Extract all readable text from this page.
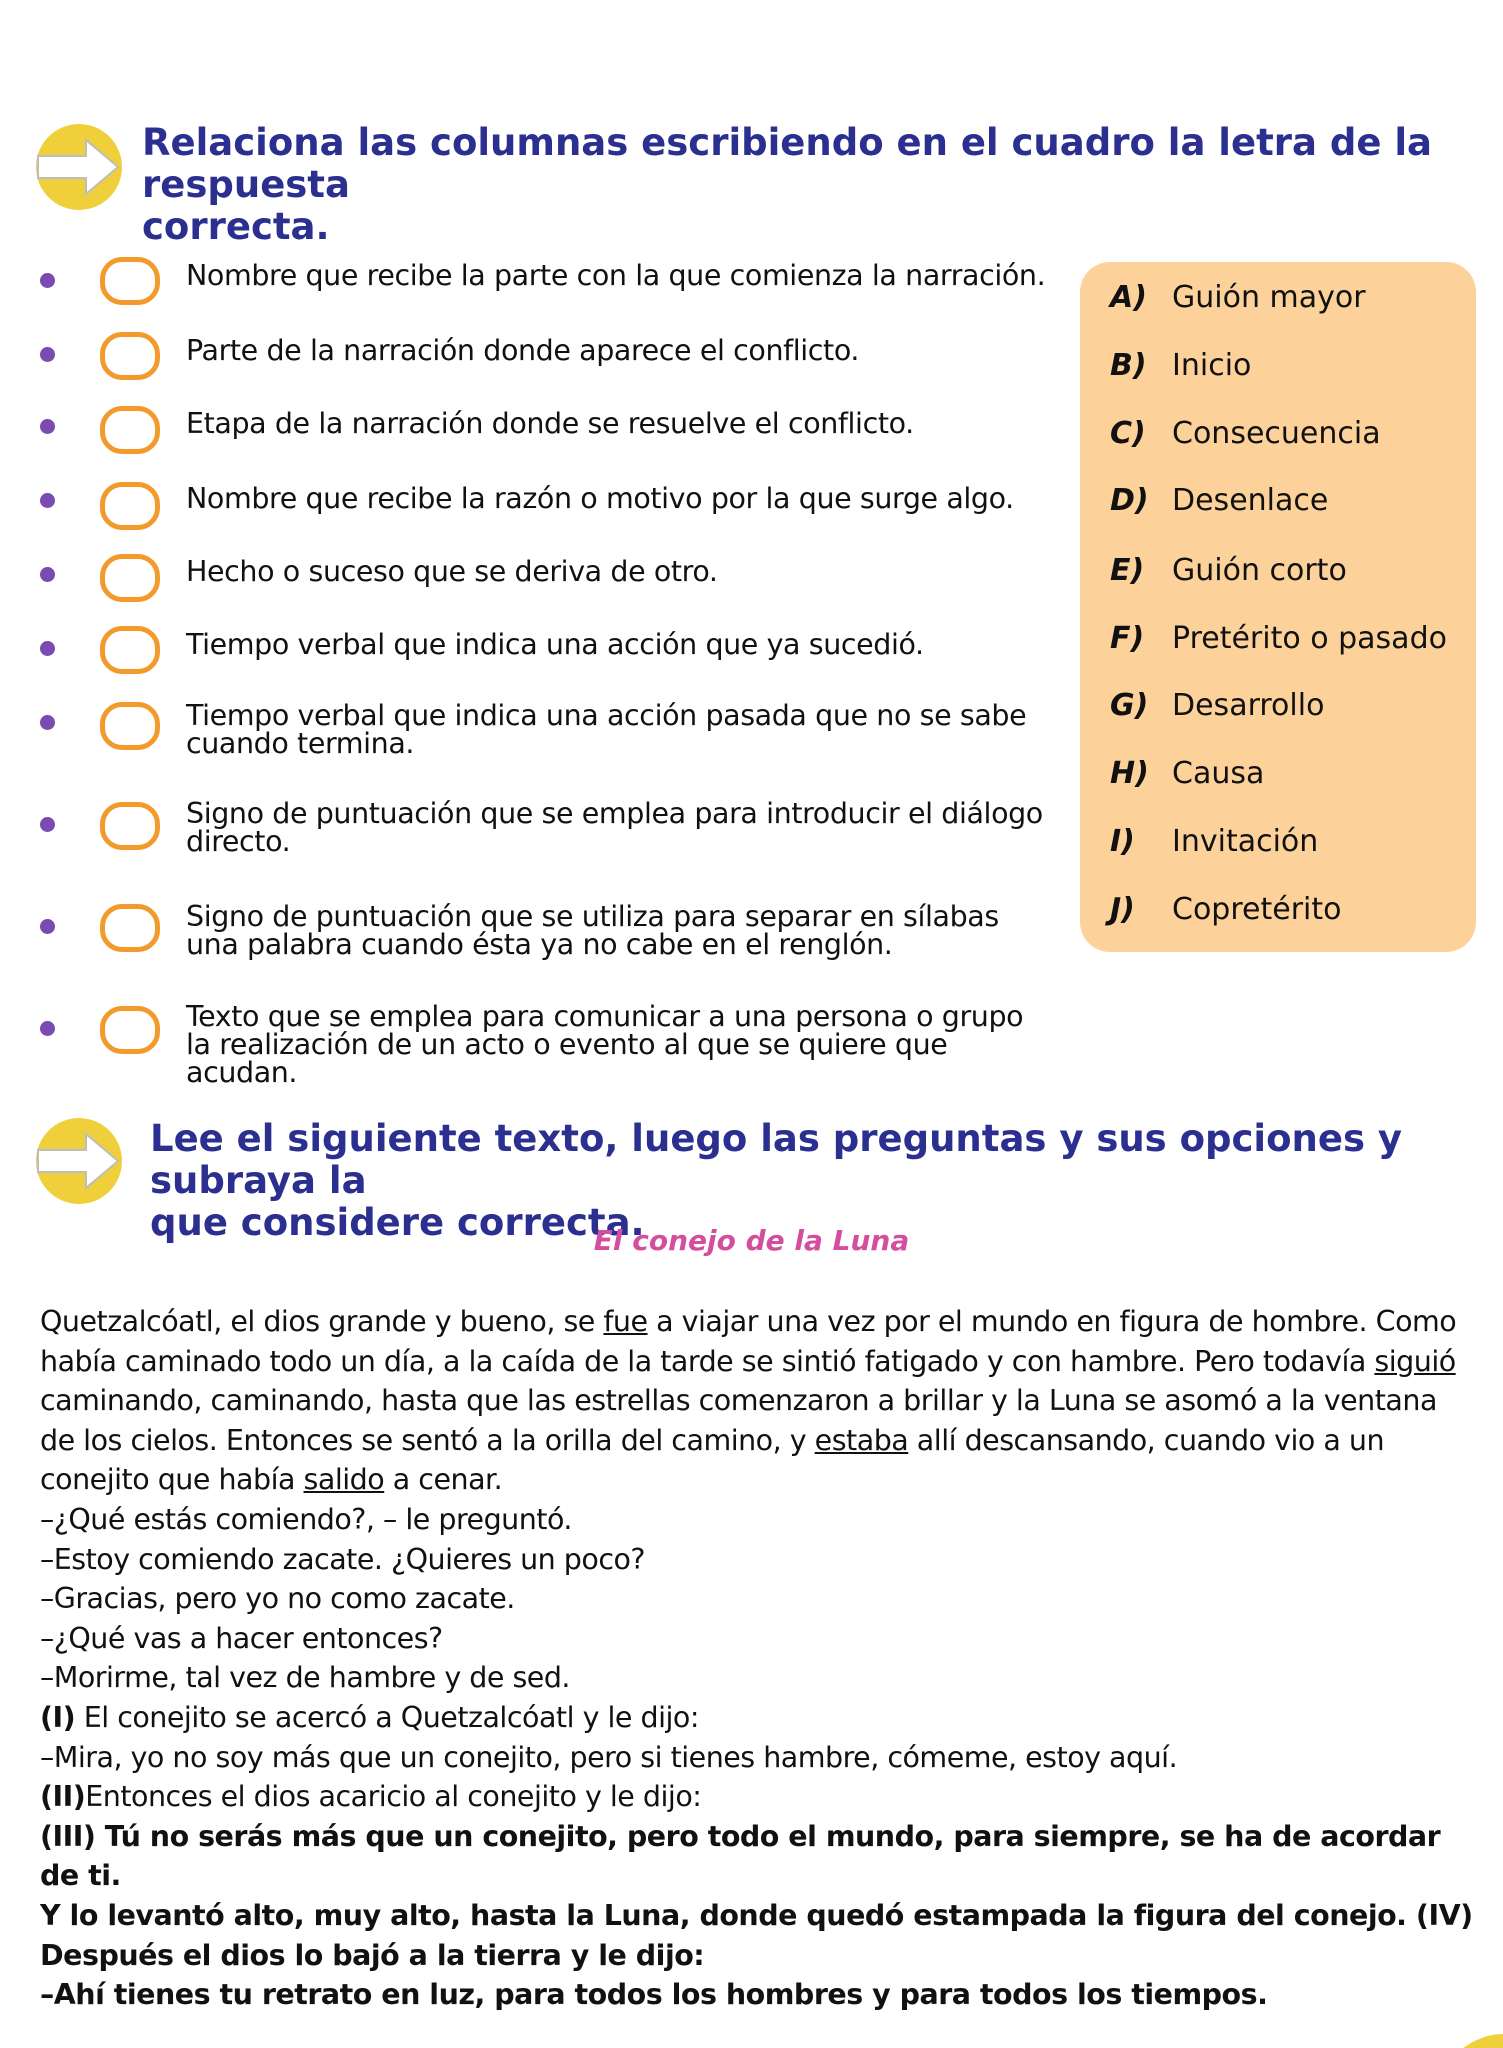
Relaciona las columnas escribiendo en el cuadro la letra de la respuesta
correcta.
Nombre que recibe la parte con la que comienza la narración.
Parte de la narración donde aparece el conflicto.
Etapa de la narración donde se resuelve el conflicto.
Nombre que recibe la razón o motivo por la que surge algo.
Hecho o suceso que se deriva de otro.
Tiempo verbal que indica una acción que ya sucedió.
Tiempo verbal que indica una acción pasada que no se sabe
cuando termina.
Signo de puntuación que se emplea para introducir el diálogo
directo.
Signo de puntuación que se utiliza para separar en sílabas
una palabra cuando ésta ya no cabe en el renglón.
Texto que se emplea para comunicar a una persona o grupo
la realización de un acto o evento al que se quiere que acudan.
A) Guión mayor
B) Inicio
C) Consecuencia
D) Desenlace
E) Guión corto
F) Pretérito o pasado
G) Desarrollo
H) Causa
I) Invitación
J) Copretérito
Lee el siguiente texto, luego las preguntas y sus opciones y subraya la
que considere correcta.
El conejo de la Luna

Quetzalcóatl, el dios grande y bueno, se fue a viajar una vez por el mundo en figura de hombre. Como había caminado todo un día, a la caída de la tarde se sintió fatigado y con hambre. Pero todavía siguió caminando, caminando, hasta que las estrellas comenzaron a brillar y la Luna se asomó a la ventana de los cielos. Entonces se sentó a la orilla del camino, y estaba allí descansando, cuando vio a un conejito que había salido a cenar.

–¿Qué estás comiendo?, – le preguntó.

–Estoy comiendo zacate. ¿Quieres un poco?

–Gracias, pero yo no como zacate.

–¿Qué vas a hacer entonces?

–Morirme, tal vez de hambre y de sed.

(I) El conejito se acercó a Quetzalcóatl y le dijo:

–Mira, yo no soy más que un conejito, pero si tienes hambre, cómeme, estoy aquí.

(II)Entonces el dios acaricio al conejito y le dijo:

(III) Tú no serás más que un conejito, pero todo el mundo, para siempre, se ha de acordar de ti.

Y lo levantó alto, muy alto, hasta la Luna, donde quedó estampada la figura del conejo. (IV)

Después el dios lo bajó a la tierra y le dijo:

–Ahí tienes tu retrato en luz, para todos los hombres y para todos los tiempos.
